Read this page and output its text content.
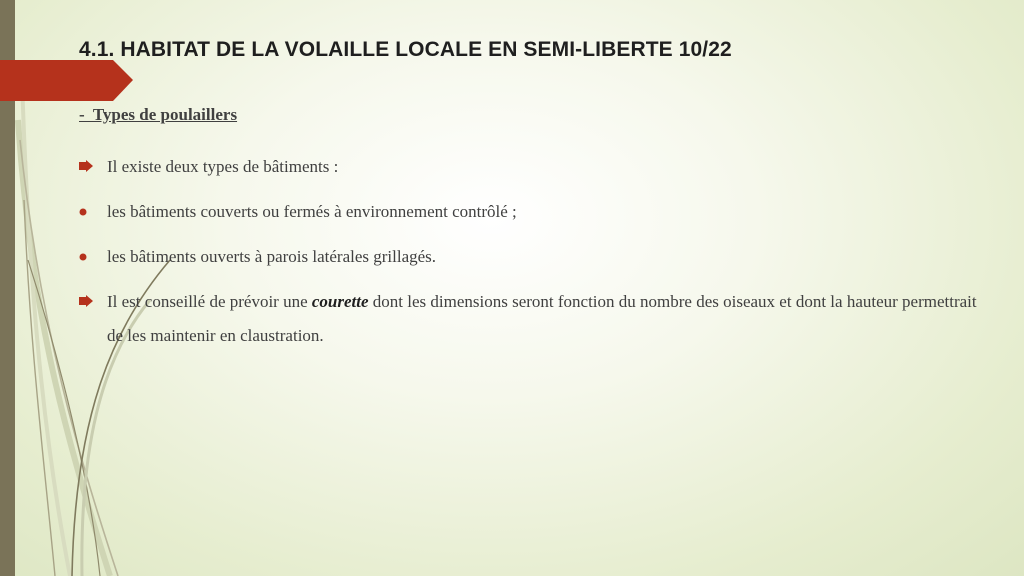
4.1. HABITAT DE LA VOLAILLE LOCALE EN SEMI-LIBERTE 10/22
-  Types de poulaillers
Il existe deux types de bâtiments :
les bâtiments couverts ou fermés à environnement contrôlé ;
les bâtiments ouverts à parois latérales grillagés.
Il est conseillé de prévoir une courette dont les dimensions seront fonction du nombre des oiseaux et dont la hauteur permettrait de les maintenir en claustration.
